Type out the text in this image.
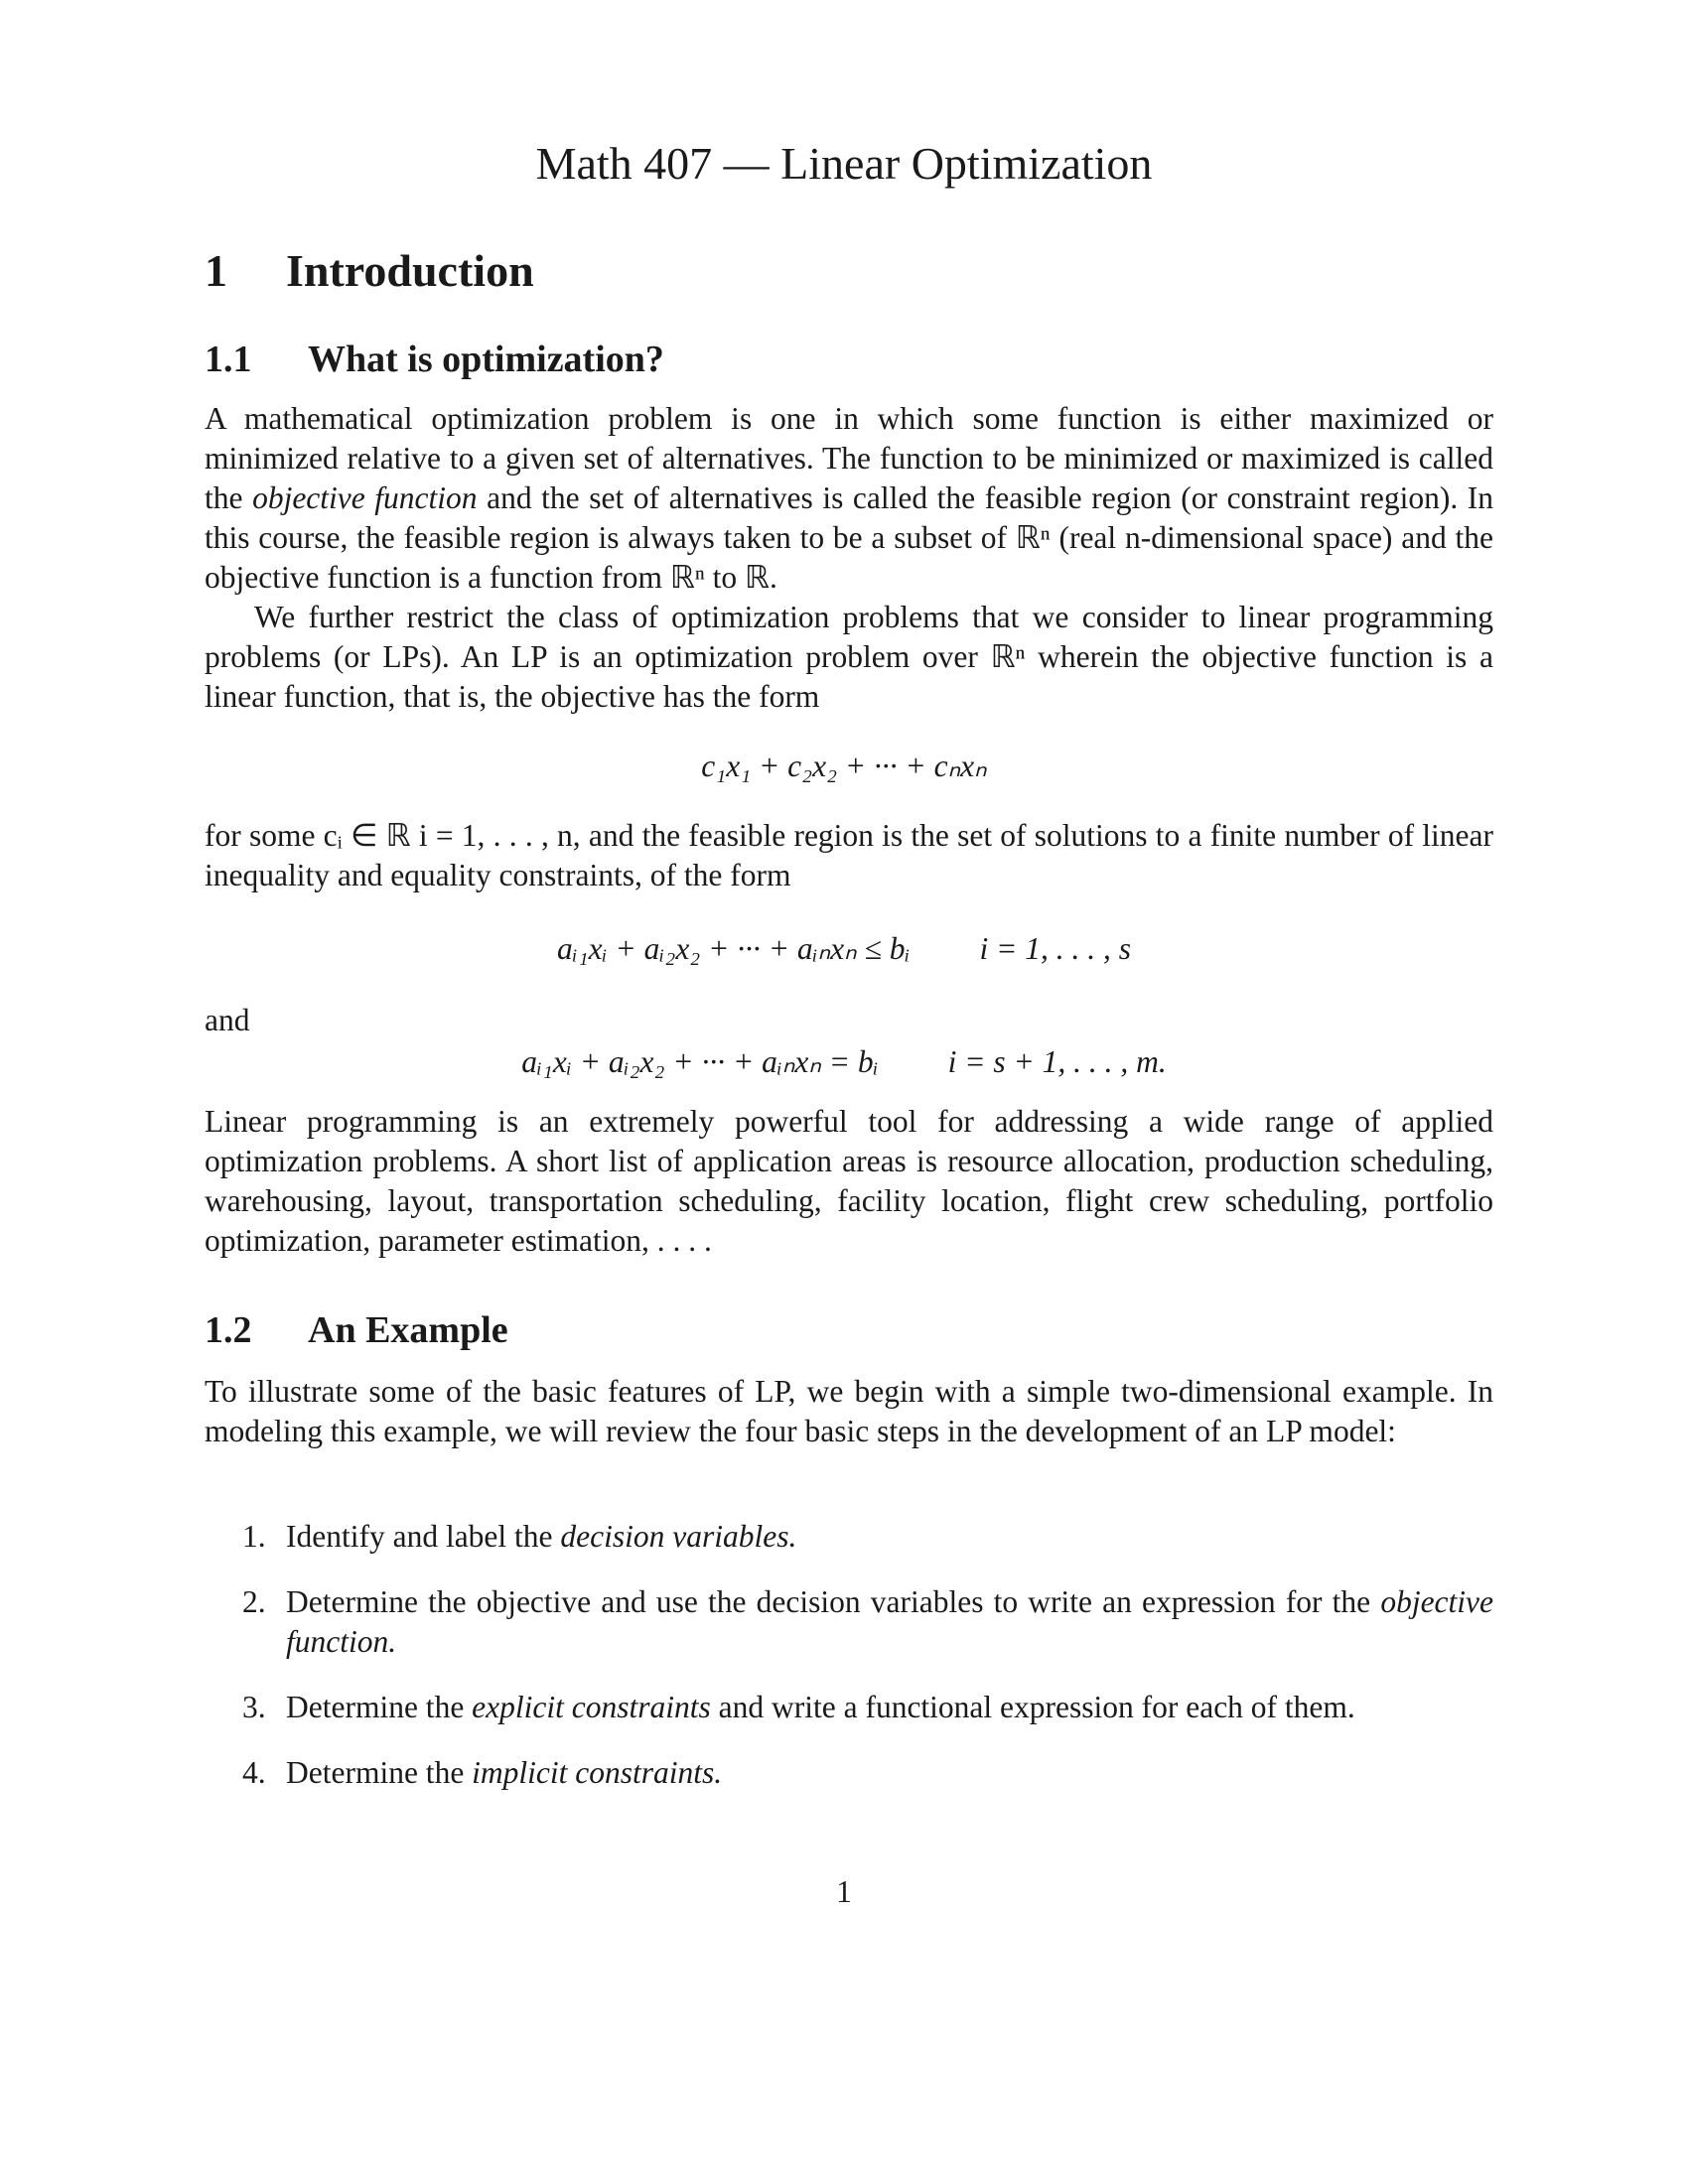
Math 407 — Linear Optimization
1 Introduction
1.1 What is optimization?

A mathematical optimization problem is one in which some function is either maximized or minimized relative to a given set of alternatives. The function to be minimized or maximized is called the objective function and the set of alternatives is called the feasible region (or constraint region). In this course, the feasible region is always taken to be a subset of ℝⁿ (real n-dimensional space) and the objective function is a function from ℝⁿ to ℝ.

We further restrict the class of optimization problems that we consider to linear programming problems (or LPs). An LP is an optimization problem over ℝⁿ wherein the objective function is a linear function, that is, the objective has the form

c₁x₁ + c₂x₂ + ··· + cₙxₙ
for some cᵢ ∈ ℝ i = 1, . . . , n, and the feasible region is the set of solutions to a finite number of linear inequality and equality constraints, of the form
aᵢ₁xᵢ + aᵢ₂x₂ + ··· + aᵢₙxₙ ≤ bᵢ i = 1, . . . , s
and
aᵢ₁xᵢ + aᵢ₂x₂ + ··· + aᵢₙxₙ = bᵢ i = s + 1, . . . , m.
Linear programming is an extremely powerful tool for addressing a wide range of applied optimization problems. A short list of application areas is resource allocation, production scheduling, warehousing, layout, transportation scheduling, facility location, flight crew scheduling, portfolio optimization, parameter estimation, . . . .
1.2 An Example
To illustrate some of the basic features of LP, we begin with a simple two-dimensional example. In modeling this example, we will review the four basic steps in the development of an LP model:
1. Identify and label the decision variables.
2. Determine the objective and use the decision variables to write an expression for the objective function.
3. Determine the explicit constraints and write a functional expression for each of them.
4. Determine the implicit constraints.
1
